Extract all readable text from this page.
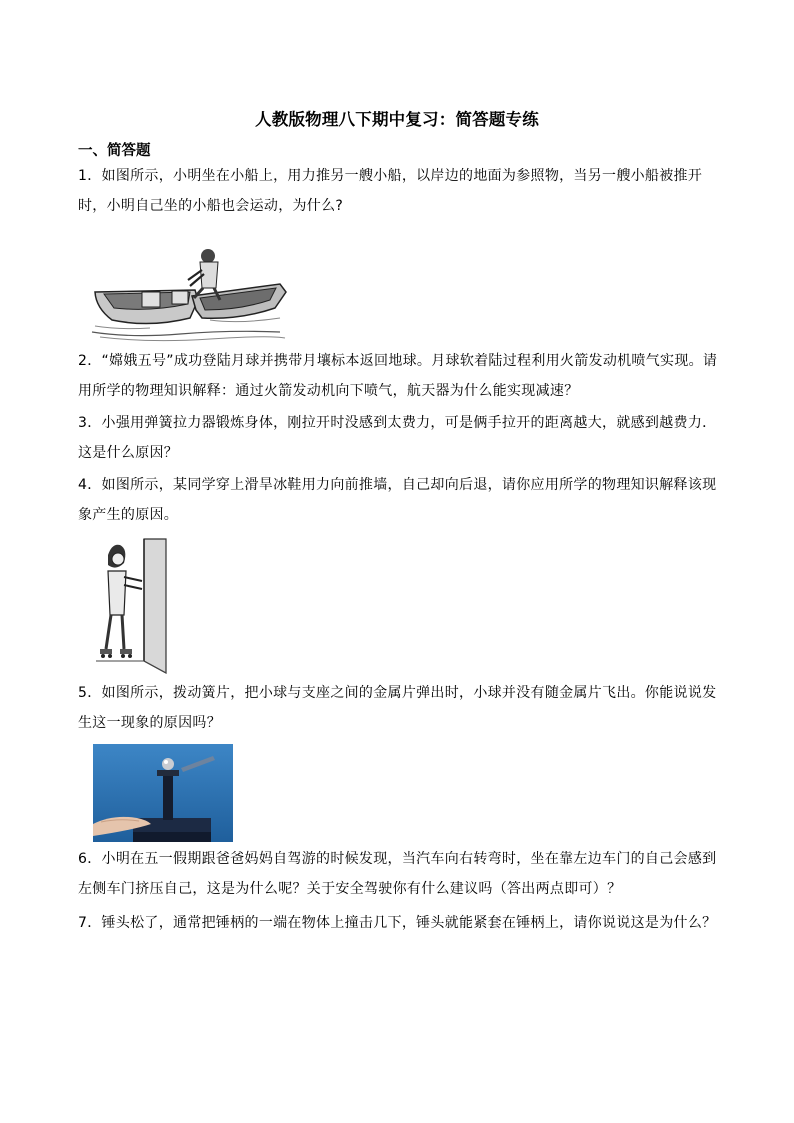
人教版物理八下期中复习：简答题专练
一、简答题
1．如图所示，小明坐在小船上，用力推另一艘小船，以岸边的地面为参照物，当另一艘小船被推开时，小明自己坐的小船也会运动，为什么?
2．“嫦娥五号”成功登陆月球并携带月壤标本返回地球。月球软着陆过程利用火箭发动机喷气实现。请用所学的物理知识解释：通过火箭发动机向下喷气，航天器为什么能实现减速？
3．小强用弹簧拉力器锻炼身体，刚拉开时没感到太费力，可是俩手拉开的距离越大，就感到越费力．这是什么原因？
4．如图所示，某同学穿上滑旱冰鞋用力向前推墙，自己却向后退，请你应用所学的物理知识解释该现象产生的原因。
5．如图所示，拨动簧片，把小球与支座之间的金属片弹出时，小球并没有随金属片飞出。你能说说发生这一现象的原因吗？
6．小明在五一假期跟爸爸妈妈自驾游的时候发现，当汽车向右转弯时，坐在靠左边车门的自己会感到左侧车门挤压自己，这是为什么呢？关于安全驾驶你有什么建议吗（答出两点即可）？
7．锤头松了，通常把锤柄的一端在物体上撞击几下，锤头就能紧套在锤柄上，请你说说这是为什么？
